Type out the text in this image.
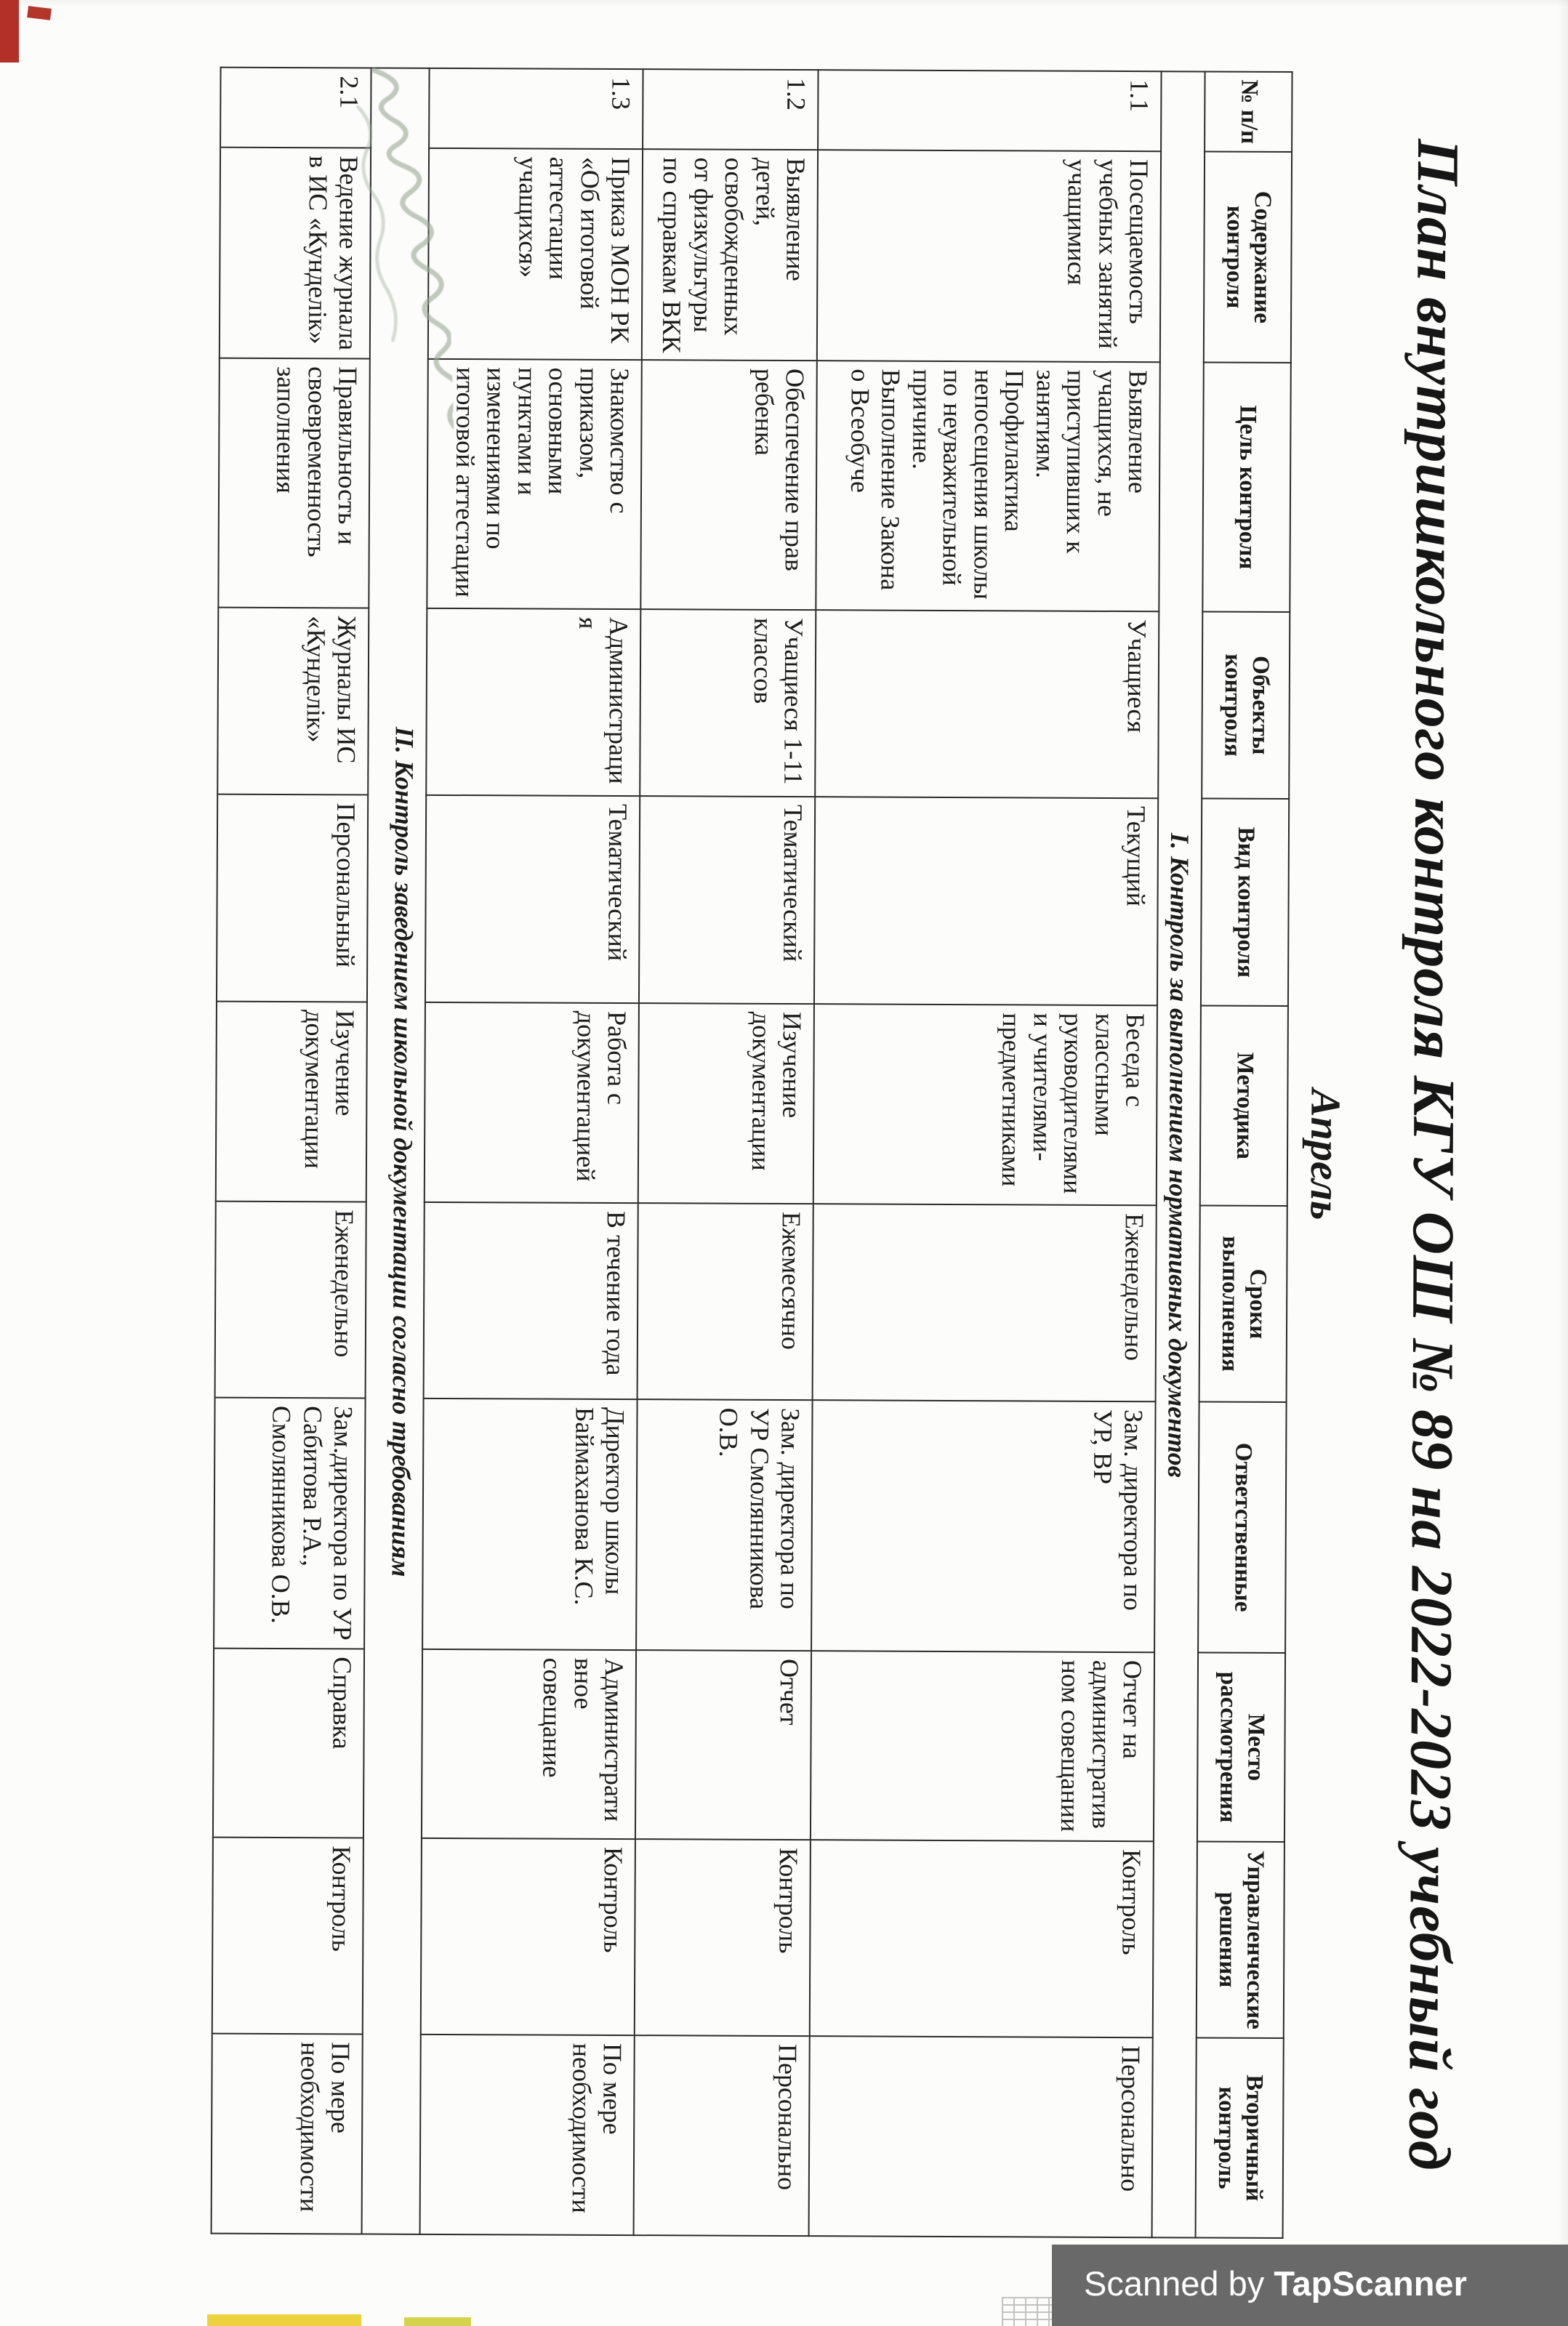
План внутришкольного контроля КГУ ОШ № 89 на 2022-2023 учебный год
Апрель
№ п/п	Содержание контроля	Цель контроля	Объекты контроля	Вид контроля	Методика	Сроки выполнения	Ответственные	Место рассмотрения	Управленческие решения	Вторичный контроль
І. Контроль за выполнением нормативных документов										
1.1	Посещаемость учебных занятий учащимися	Выявление учащихся, не приступивших к занятиям. Профилактика непосещения школы по неуважительной причине. Выполнение Закона о Всеобуче	Учащиеся	Текущий	Беседа с классными руководителями и учителями-предметниками	Еженедельно	Зам. директора по УР, ВР	Отчет на административном совещании	Контроль	Персонально
1.2	Выявление детей, освобожденных от физкультуры по справкам ВКК	Обеспечение прав ребенка	Учащиеся 1-11 классов	Тематический	Изучение документации	Ежемесячно	Зам. директора по УР Смолянникова О.В.	Отчет	Контроль	Персонально
1.3	Приказ МОН РК «Об итоговой аттестации учащихся»	Знакомство с приказом, основными пунктами и изменениями по итоговой аттестации	Администрация	Тематический	Работа с документацией	В течение года	Директор школы Баймаханова К.С.	Административное совещание	Контроль	По мере необходимости
ІІ. Контроль заведением школьной документации согласно требованиям										
2.1	Ведение журнала в ИС «Кунделік»	Правильность и своевременность заполнения	Журналы ИС «Кунделік»	Персональный	Изучение документации	Еженедельно	Зам.директора по УР Сабитова Р.А., Смолянникова О.В.	Справка	Контроль	По мере необходимости
Scanned by TapScanner
